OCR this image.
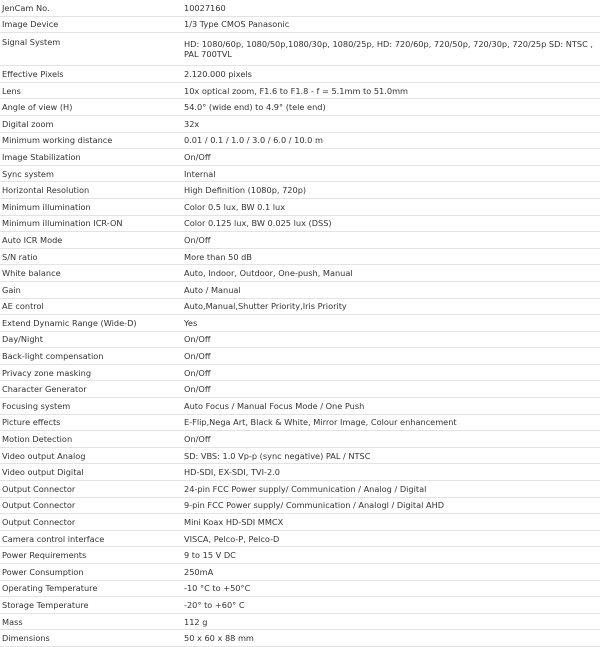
JenCam No.	10027160
Image Device	1/3 Type CMOS Panasonic
Signal System	HD: 1080/60p, 1080/50p,1080/30p, 1080/25p, HD: 720/60p, 720/50p, 720/30p, 720/25p SD: NTSC , PAL 700TVL
Effective Pixels	2.120.000 pixels
Lens	10x optical zoom, F1.6 to F1.8 - f = 5.1mm to 51.0mm
Angle of view (H)	54.0° (wide end) to 4.9° (tele end)
Digital zoom	32x
Minimum working distance	0.01 / 0.1 / 1.0 / 3.0 / 6.0 / 10.0 m
Image Stabilization	On/Off
Sync system	Internal
Horizontal Resolution	High Definition (1080p, 720p)
Minimum illumination	Color 0.5 lux, BW 0.1 lux
Minimum illumination ICR-ON	Color 0.125 lux, BW 0.025 lux (DSS)
Auto ICR Mode	On/Off
S/N ratio	More than 50 dB
White balance	Auto, Indoor, Outdoor, One-push, Manual
Gain	Auto / Manual
AE control	Auto,Manual,Shutter Priority,Iris Priority
Extend Dynamic Range (Wide-D)	Yes
Day/Night	On/Off
Back-light compensation	On/Off
Privacy zone masking	On/Off
Character Generator	On/Off
Focusing system	Auto Focus / Manual Focus Mode / One Push
Picture effects	E-Flip,Nega Art, Black & White, Mirror Image, Colour enhancement
Motion Detection	On/Off
Video output Analog	SD: VBS: 1.0 Vp-p (sync negative) PAL / NTSC
Video output Digital	HD-SDI, EX-SDI, TVI-2.0
Output Connector	24-pin FCC Power supply/ Communication / Analog / Digital
Output Connector	9-pin FCC Power supply/ Communication / Analogl / Digital AHD
Output Connector	Mini Koax HD-SDI MMCX
Camera control interface	VISCA, Pelco-P, Pelco-D
Power Requirements	9 to 15 V DC
Power Consumption	250mA
Operating Temperature	-10 °C to +50°C
Storage Temperature	-20° to +60° C
Mass	112 g
Dimensions	50 x 60 x 88 mm
